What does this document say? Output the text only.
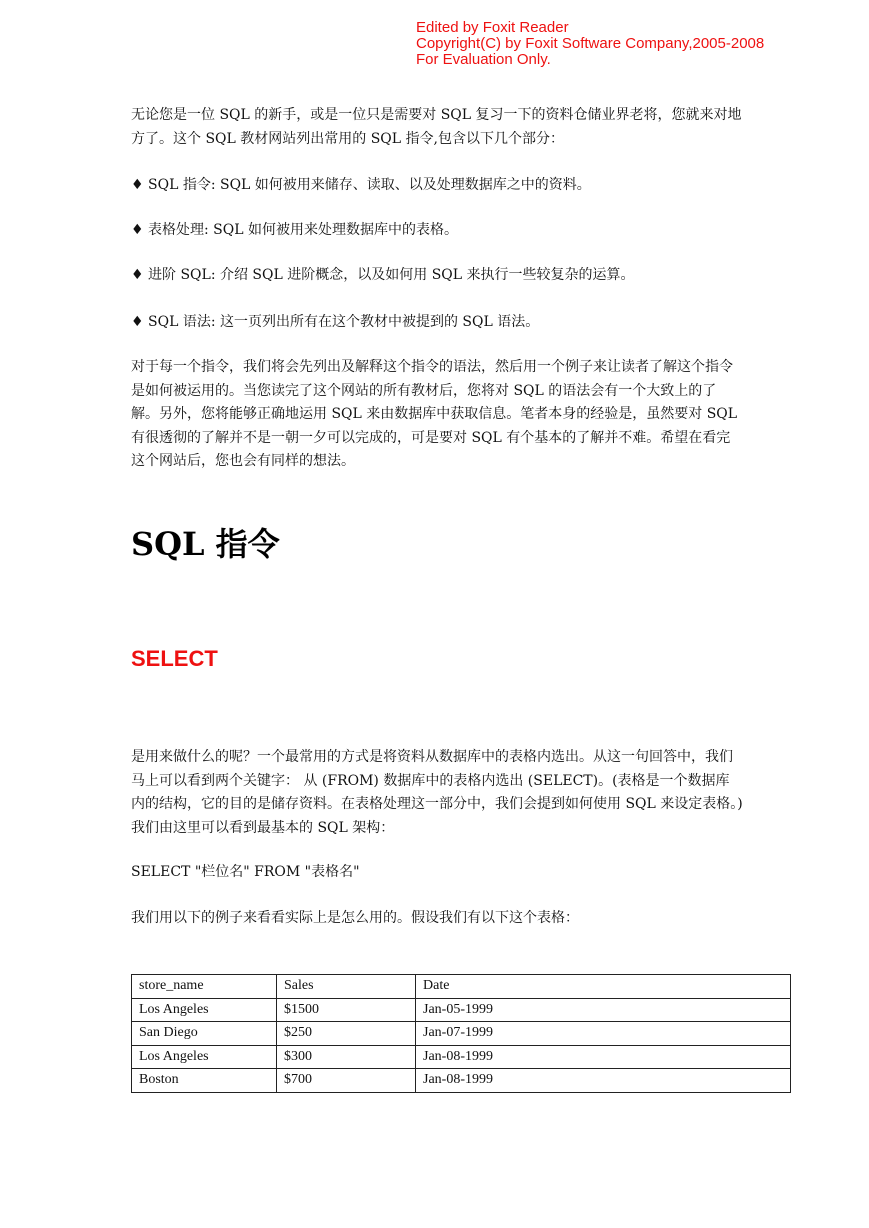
Edited by Foxit Reader
Copyright(C) by Foxit Software Company,2005-2008
For Evaluation Only.

无论您是一位 SQL 的新手，或是一位只是需要对 SQL 复习一下的资料仓储业界老将，您就来对地方了。这个 SQL 教材网站列出常用的 SQL 指令,包含以下几个部分：

♦ SQL 指令: SQL 如何被用来储存、读取、以及处理数据库之中的资料。

♦ 表格处理: SQL 如何被用来处理数据库中的表格。

♦ 进阶 SQL: 介绍 SQL 进阶概念，以及如何用 SQL 来执行一些较复杂的运算。

♦ SQL 语法: 这一页列出所有在这个教材中被提到的 SQL 语法。

对于每一个指令，我们将会先列出及解释这个指令的语法，然后用一个例子来让读者了解这个指令是如何被运用的。当您读完了这个网站的所有教材后，您将对 SQL 的语法会有一个大致上的了解。另外，您将能够正确地运用 SQL 来由数据库中获取信息。笔者本身的经验是，虽然要对 SQL 有很透彻的了解并不是一朝一夕可以完成的，可是要对 SQL 有个基本的了解并不难。希望在看完这个网站后，您也会有同样的想法。

SQL 指令
SELECT

是用来做什么的呢？一个最常用的方式是将资料从数据库中的表格内选出。从这一句回答中，我们马上可以看到两个关键字： 从 (FROM) 数据库中的表格内选出 (SELECT)。(表格是一个数据库内的结构，它的目的是储存资料。在表格处理这一部分中，我们会提到如何使用 SQL 来设定表格。) 我们由这里可以看到最基本的 SQL 架构：

SELECT "栏位名" FROM "表格名"

我们用以下的例子来看看实际上是怎么用的。假设我们有以下这个表格：

store_name	Sales	Date
Los Angeles	$1500	Jan-05-1999
San Diego	$250	Jan-07-1999
Los Angeles	$300	Jan-08-1999
Boston	$700	Jan-08-1999
